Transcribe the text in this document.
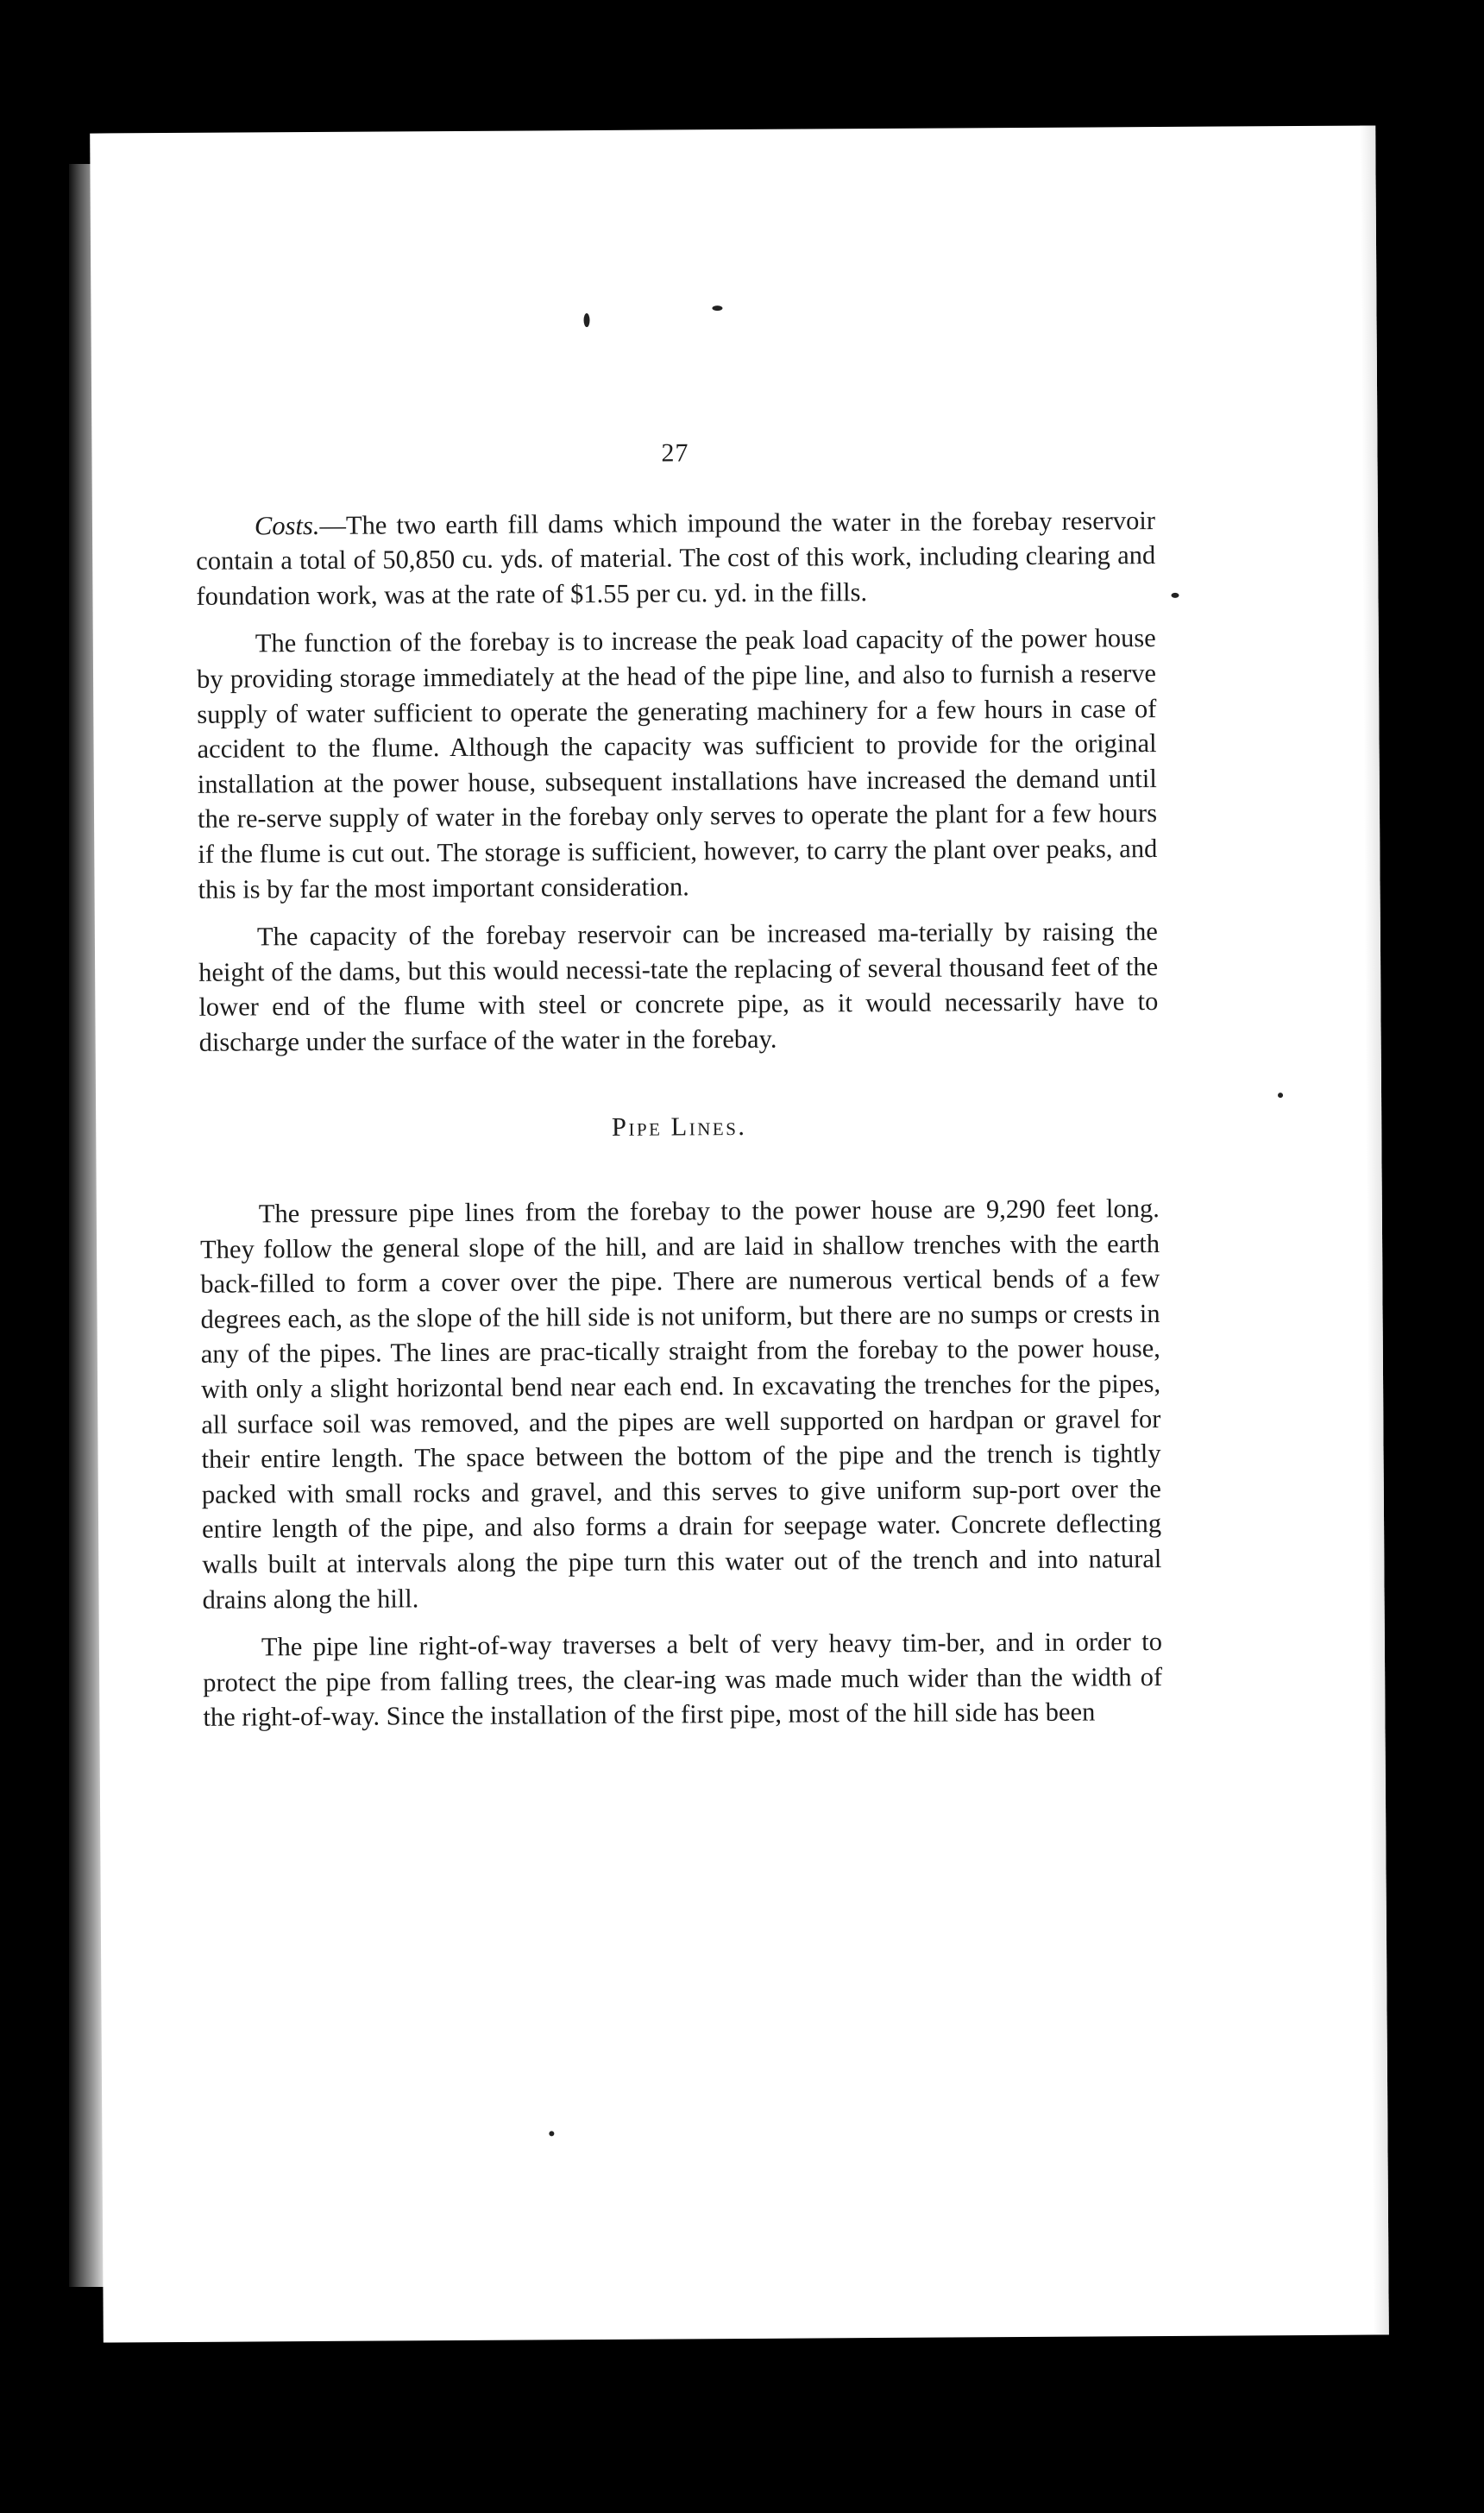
27

Costs.—The two earth fill dams which impound the water in the forebay reservoir contain a total of 50,850 cu. yds. of material. The cost of this work, including clearing and foundation work, was at the rate of $1.55 per cu. yd. in the fills.

The function of the forebay is to increase the peak load capacity of the power house by providing storage immediately at the head of the pipe line, and also to furnish a reserve supply of water sufficient to operate the generating machinery for a few hours in case of accident to the flume. Although the capacity was sufficient to provide for the original installation at the power house, subsequent installations have increased the demand until the re-serve supply of water in the forebay only serves to operate the plant for a few hours if the flume is cut out. The storage is sufficient, however, to carry the plant over peaks, and this is by far the most important consideration.

The capacity of the forebay reservoir can be increased ma-terially by raising the height of the dams, but this would necessi-tate the replacing of several thousand feet of the lower end of the flume with steel or concrete pipe, as it would necessarily have to discharge under the surface of the water in the forebay.

Pipe Lines.

The pressure pipe lines from the forebay to the power house are 9,290 feet long. They follow the general slope of the hill, and are laid in shallow trenches with the earth back-filled to form a cover over the pipe. There are numerous vertical bends of a few degrees each, as the slope of the hill side is not uniform, but there are no sumps or crests in any of the pipes. The lines are prac-tically straight from the forebay to the power house, with only a slight horizontal bend near each end. In excavating the trenches for the pipes, all surface soil was removed, and the pipes are well supported on hardpan or gravel for their entire length. The space between the bottom of the pipe and the trench is tightly packed with small rocks and gravel, and this serves to give uniform sup-port over the entire length of the pipe, and also forms a drain for seepage water. Concrete deflecting walls built at intervals along the pipe turn this water out of the trench and into natural drains along the hill.

The pipe line right-of-way traverses a belt of very heavy tim-ber, and in order to protect the pipe from falling trees, the clear-ing was made much wider than the width of the right-of-way. Since the installation of the first pipe, most of the hill side has been
